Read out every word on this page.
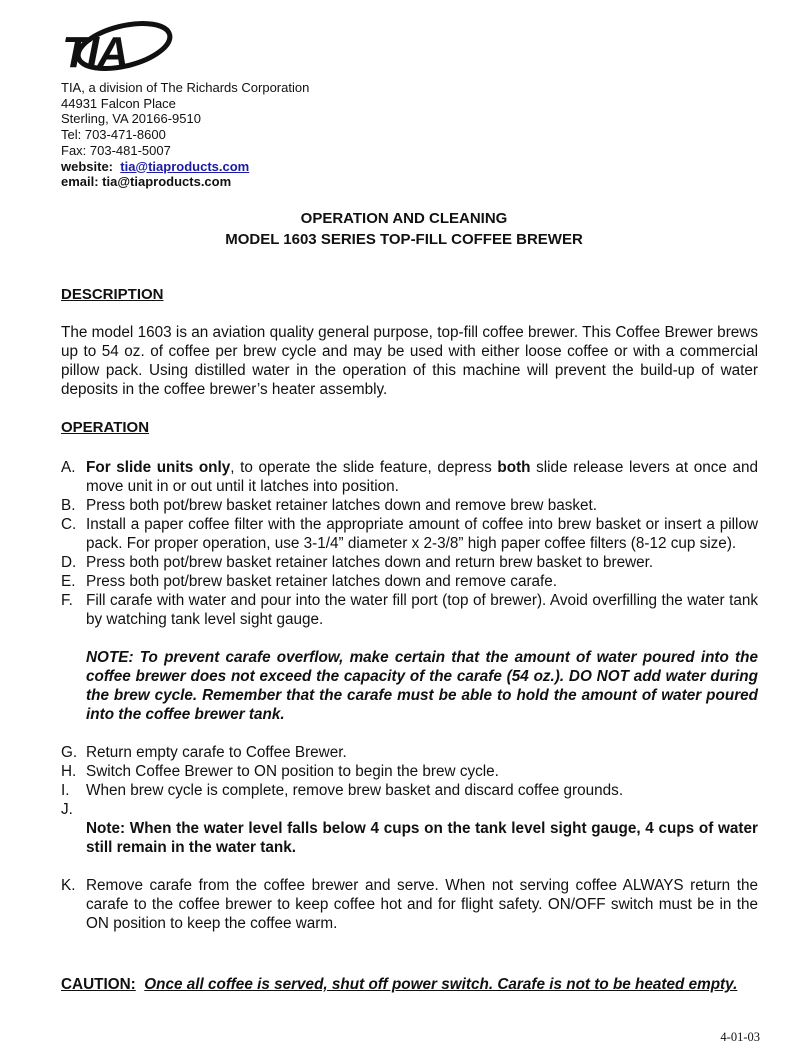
TIA
TIA, a division of The Richards Corporation
44931 Falcon Place
Sterling, VA 20166-9510
Tel: 703-471-8600
Fax: 703-481-5007
website: tia@tiaproducts.com
email: tia@tiaproducts.com
OPERATION AND CLEANING
MODEL 1603 SERIES TOP-FILL COFFEE BREWER
DESCRIPTION
The model 1603 is an aviation quality general purpose, top-fill coffee brewer. This Coffee Brewer brews up to 54 oz. of coffee per brew cycle and may be used with either loose coffee or with a commercial pillow pack. Using distilled water in the operation of this machine will prevent the build-up of water deposits in the coffee brewer’s heater assembly.
OPERATION
A. For slide units only, to operate the slide feature, depress both slide release levers at once and move unit in or out until it latches into position.
B. Press both pot/brew basket retainer latches down and remove brew basket.
C. Install a paper coffee filter with the appropriate amount of coffee into brew basket or insert a pillow pack. For proper operation, use 3-1/4” diameter x 2-3/8” high paper coffee filters (8-12 cup size).
D. Press both pot/brew basket retainer latches down and return brew basket to brewer.
E. Press both pot/brew basket retainer latches down and remove carafe.
F. Fill carafe with water and pour into the water fill port (top of brewer). Avoid overfilling the water tank by watching tank level sight gauge.
NOTE: To prevent carafe overflow, make certain that the amount of water poured into the coffee brewer does not exceed the capacity of the carafe (54 oz.). DO NOT add water during the brew cycle. Remember that the carafe must be able to hold the amount of water poured into the coffee brewer tank.
G. Return empty carafe to Coffee Brewer.
H. Switch Coffee Brewer to ON position to begin the brew cycle.
I.	When brew cycle is complete, remove brew basket and discard coffee grounds.
J.

Note: When the water level falls below 4 cups on the tank level sight gauge, 4 cups of water still remain in the water tank.
K. Remove carafe from the coffee brewer and serve. When not serving coffee ALWAYS return the carafe to the coffee brewer to keep coffee hot and for flight safety. ON/OFF switch must be in the ON position to keep the coffee warm.
CAUTION: Once all coffee is served, shut off power switch. Carafe is not to be heated empty.
4-01-03
